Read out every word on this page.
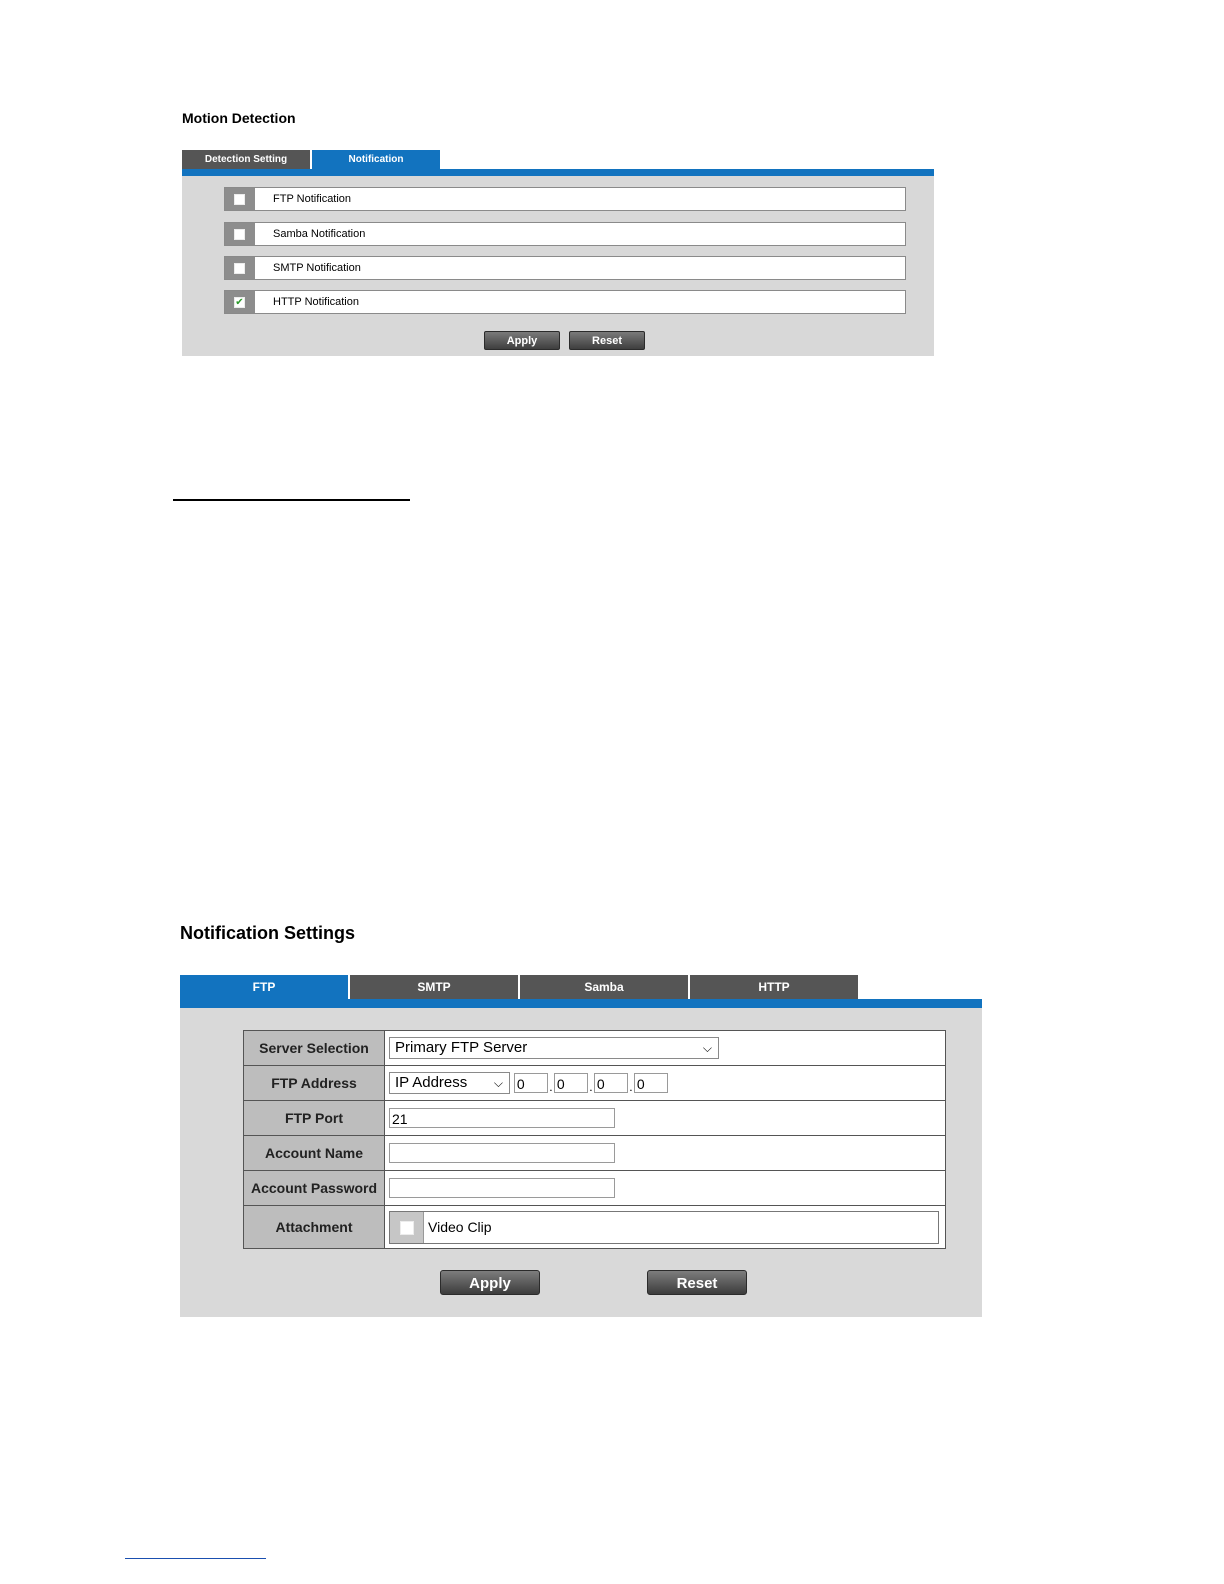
Motion Detection
Detection Setting	Notification
FTP Notification
Samba Notification
SMTP Notification
✔	HTTP Notification
Apply	Reset
Notification Settings
FTP	SMTP	Samba	HTTP
Server Selection	Primary FTP Server ⌵

FTP Address	IP Address ⌵ 0 . 0 . 0 . 0
FTP Port	21
Account Name	
Account Password	
Attachment	Video Clip
Apply	Reset
